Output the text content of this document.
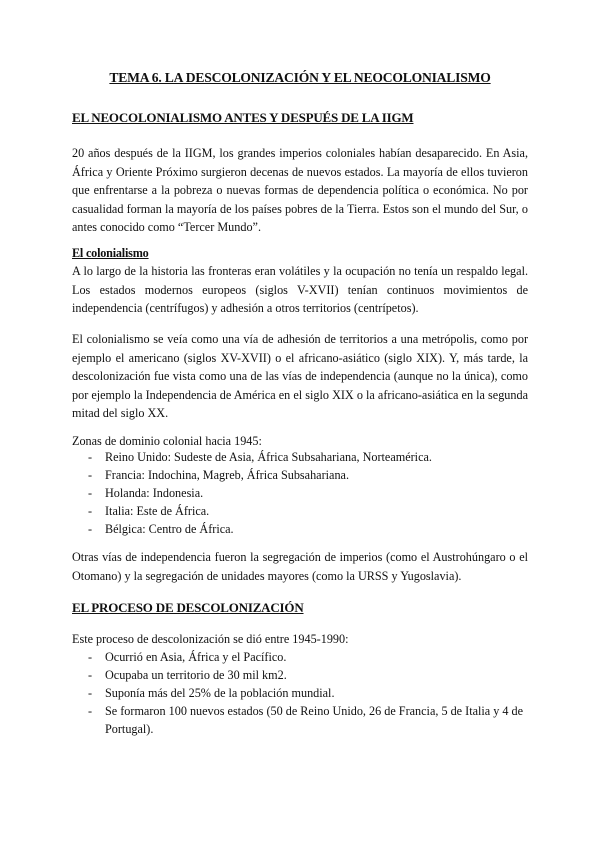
TEMA 6. LA DESCOLONIZACIÓN Y EL NEOCOLONIALISMO
EL NEOCOLONIALISMO ANTES Y DESPUÉS DE LA IIGM

20 años después de la IIGM, los grandes imperios coloniales habían desaparecido. En Asia, África y Oriente Próximo surgieron decenas de nuevos estados. La mayoría de ellos tuvieron que enfrentarse a la pobreza o nuevas formas de dependencia política o económica. No por casualidad forman la mayoría de los países pobres de la Tierra. Estos son el mundo del Sur, o antes conocido como “Tercer Mundo”.

El colonialismo

A lo largo de la historia las fronteras eran volátiles y la ocupación no tenía un respaldo legal. Los estados modernos europeos (siglos V-XVII) tenían continuos movimientos de independencia (centrífugos) y adhesión a otros territorios (centrípetos).

El colonialismo se veía como una vía de adhesión de territorios a una metrópolis, como por ejemplo el americano (siglos XV-XVII) o el africano-asiático (siglo XIX). Y, más tarde, la descolonización fue vista como una de las vías de independencia (aunque no la única), como por ejemplo la Independencia de América en el siglo XIX o la africano-asiática en la segunda mitad del siglo XX.

Zonas de dominio colonial hacia 1945:
- Reino Unido: Sudeste de Asia, África Subsahariana, Norteamérica.
- Francia: Indochina, Magreb, África Subsahariana.
- Holanda: Indonesia.
- Italia: Este de África.
- Bélgica: Centro de África.

Otras vías de independencia fueron la segregación de imperios (como el Austrohúngaro o el Otomano) y la segregación de unidades mayores (como la URSS y Yugoslavia).

EL PROCESO DE DESCOLONIZACIÓN
Este proceso de descolonización se dió entre 1945-1990:
- Ocurrió en Asia, África y el Pacífico.
- Ocupaba un territorio de 30 mil km2.
- Suponía más del 25% de la población mundial.
- Se formaron 100 nuevos estados (50 de Reino Unido, 26 de Francia, 5 de Italia y 4 de Portugal).
